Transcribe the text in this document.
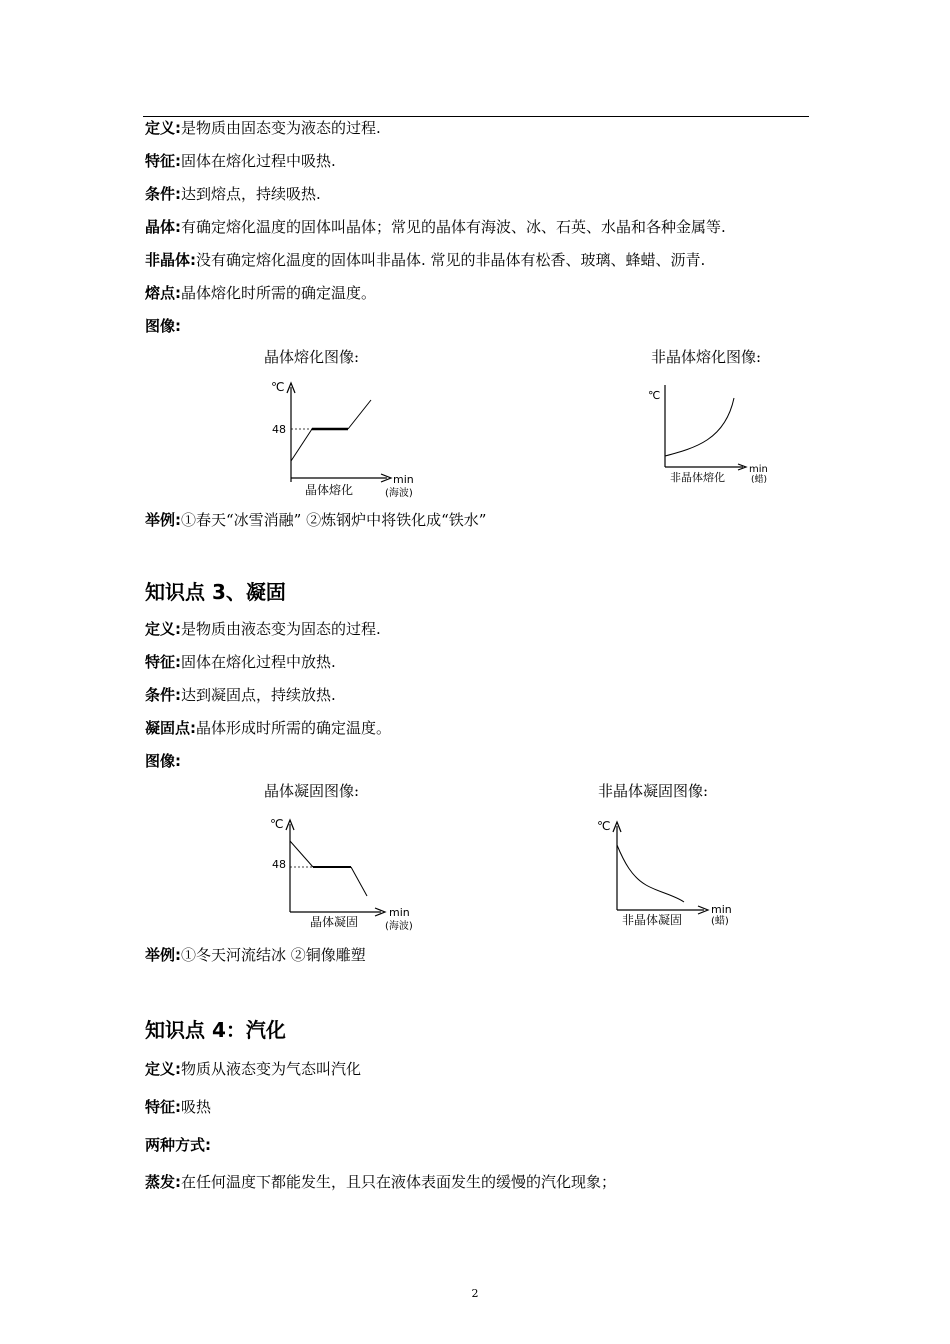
定义:是物质由固态变为液态的过程.
特征:固体在熔化过程中吸热.
条件:达到熔点，持续吸热.
晶体:有确定熔化温度的固体叫晶体；常见的晶体有海波、冰、石英、水晶和各种金属等.
非晶体:没有确定熔化温度的固体叫非晶体. 常见的非晶体有松香、玻璃、蜂蜡、沥青.
熔点:晶体熔化时所需的确定温度。
图像:
晶体熔化图像:	非晶体熔化图像:
℃
48
min
晶体熔化	(海波)
℃
min
非晶体熔化	(蜡)
举例:①春天“冰雪消融” ②炼钢炉中将铁化成“铁水”
知识点 3、凝固
定义:是物质由液态变为固态的过程.
特征:固体在熔化过程中放热.
条件:达到凝固点，持续放热.
凝固点:晶体形成时所需的确定温度。
图像:
晶体凝固图像:	非晶体凝固图像:
℃
48
min
晶体凝固	(海波)
℃
min
非晶体凝固	(蜡)
举例:①冬天河流结冰 ②铜像雕塑
知识点 4：汽化
定义:物质从液态变为气态叫汽化
特征:吸热
两种方式:
蒸发:在任何温度下都能发生，且只在液体表面发生的缓慢的汽化现象；
2
